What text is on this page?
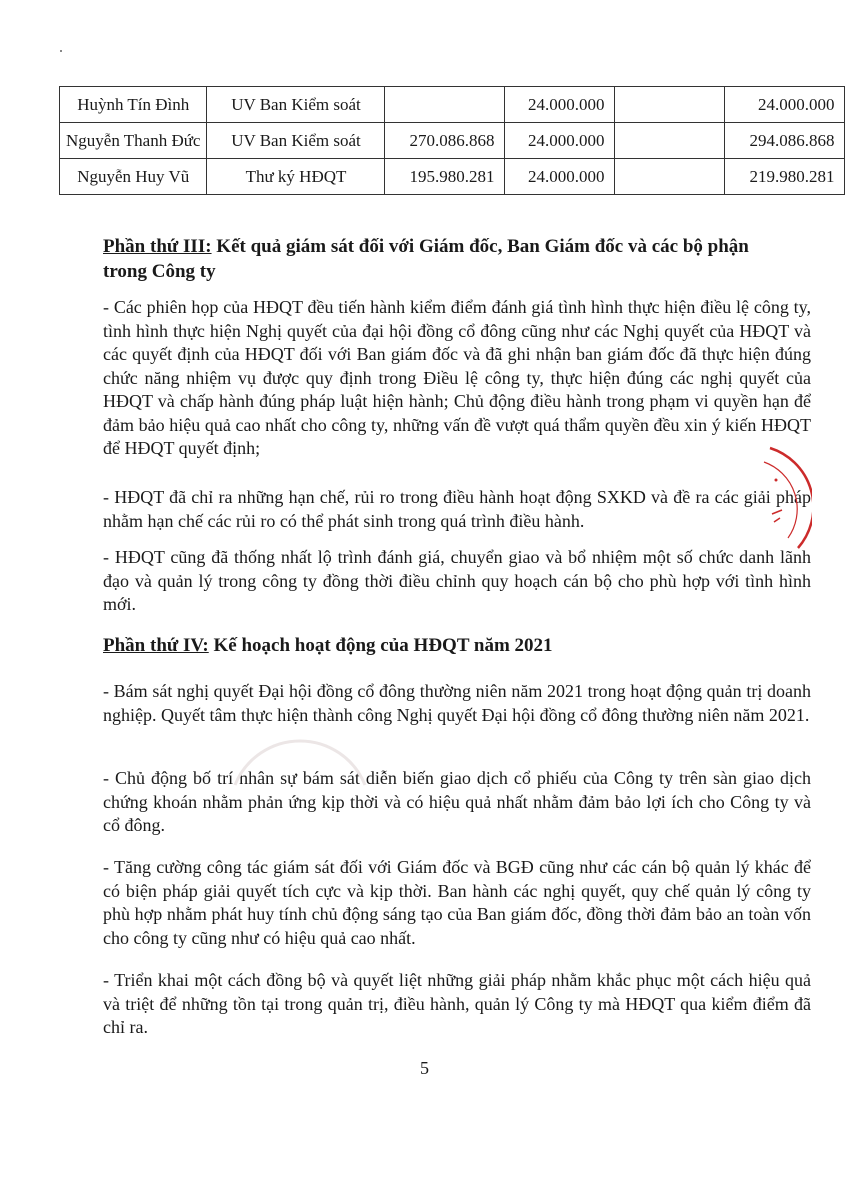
Huỳnh Tín Đình	UV Ban Kiểm soát		24.000.000		24.000.000
Nguyễn Thanh Đức	UV Ban Kiểm soát	270.086.868	24.000.000		294.086.868
Nguyễn Huy Vũ	Thư ký HĐQT	195.980.281	24.000.000		219.980.281
Phần thứ III: Kết quả giám sát đối với Giám đốc, Ban Giám đốc và các bộ phận
trong Công ty

- Các phiên họp của HĐQT đều tiến hành kiểm điểm đánh giá tình hình thực hiện điều lệ công ty, tình hình thực hiện Nghị quyết của đại hội đồng cổ đông cũng như các Nghị quyết của HĐQT và các quyết định của HĐQT đối với Ban giám đốc và đã ghi nhận ban giám đốc đã thực hiện đúng chức năng nhiệm vụ được quy định trong Điều lệ công ty, thực hiện đúng các nghị quyết của HĐQT và chấp hành đúng pháp luật hiện hành; Chủ động điều hành trong phạm vi quyền hạn để đảm bảo hiệu quả cao nhất cho công ty, những vấn đề vượt quá thẩm quyền đều xin ý kiến HĐQT để HĐQT quyết định;

- HĐQT đã chỉ ra những hạn chế, rủi ro trong điều hành hoạt động SXKD và đề ra các giải pháp nhằm hạn chế các rủi ro có thể phát sinh trong quá trình điều hành.

- HĐQT cũng đã thống nhất lộ trình đánh giá, chuyển giao và bổ nhiệm một số chức danh lãnh đạo và quản lý trong công ty đồng thời điều chỉnh quy hoạch cán bộ cho phù hợp với tình hình mới.

Phần thứ IV: Kế hoạch hoạt động của HĐQT năm 2021

- Bám sát nghị quyết Đại hội đồng cổ đông thường niên năm 2021 trong hoạt động quản trị doanh nghiệp. Quyết tâm thực hiện thành công Nghị quyết Đại hội đồng cổ đông thường niên năm 2021.

- Chủ động bố trí nhân sự bám sát diễn biến giao dịch cổ phiếu của Công ty trên sàn giao dịch chứng khoán nhằm phản ứng kịp thời và có hiệu quả nhất nhằm đảm bảo lợi ích cho Công ty và cổ đông.

- Tăng cường công tác giám sát đối với Giám đốc và BGĐ cũng như các cán bộ quản lý khác để có biện pháp giải quyết tích cực và kịp thời. Ban hành các nghị quyết, quy chế quản lý công ty phù hợp nhằm phát huy tính chủ động sáng tạo của Ban giám đốc, đồng thời đảm bảo an toàn vốn cho công ty cũng như có hiệu quả cao nhất.

- Triển khai một cách đồng bộ và quyết liệt những giải pháp nhằm khắc phục một cách hiệu quả và triệt để những tồn tại trong quản trị, điều hành, quản lý Công ty mà HĐQT qua kiểm điểm đã chỉ ra.

5
